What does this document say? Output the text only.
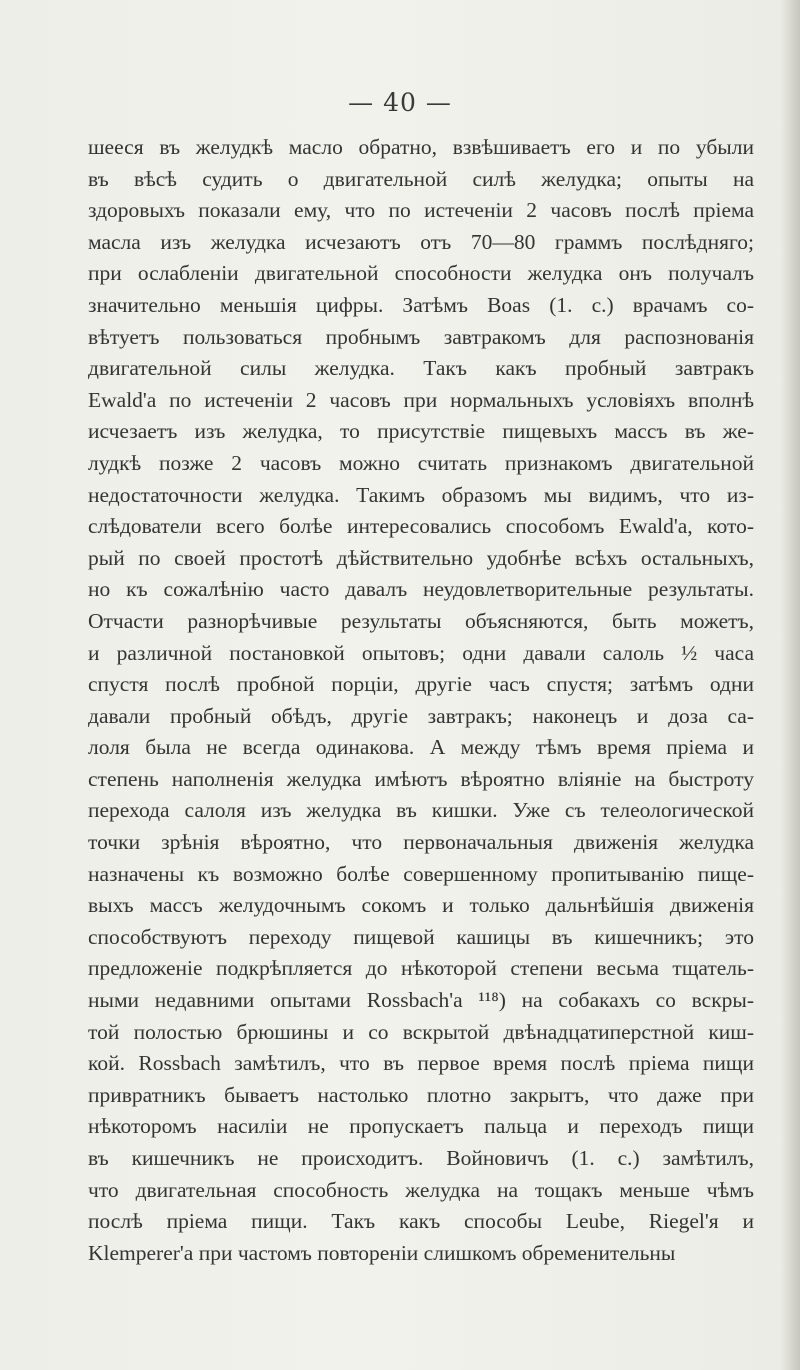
— 40 —
шееся въ желудкѣ масло обратно, взвѣшиваетъ его и по убыли
въ вѣсѣ судить о двигательной силѣ желудка; опыты на
здоровыхъ показали ему, что по истеченіи 2 часовъ послѣ пріема
масла изъ желудка исчезаютъ отъ 70—80 граммъ послѣдняго;
при ослабленіи двигательной способности желудка онъ получалъ
значительно меньшія цифры. Затѣмъ Boas (1. с.) врачамъ со-
вѣтуетъ пользоваться пробнымъ завтракомъ для распознованія
двигательной силы желудка. Такъ какъ пробный завтракъ
Ewald'a по истеченіи 2 часовъ при нормальныхъ условіяхъ вполнѣ
исчезаетъ изъ желудка, то присутствіе пищевыхъ массъ въ же-
лудкѣ позже 2 часовъ можно считать признакомъ двигательной
недостаточности желудка. Такимъ образомъ мы видимъ, что из-
слѣдователи всего болѣе интересовались способомъ Ewald'a, кото-
рый по своей простотѣ дѣйствительно удобнѣе всѣхъ остальныхъ,
но къ сожалѣнію часто давалъ неудовлетворительные результаты.
Отчасти разнорѣчивые результаты объясняются, быть можетъ,
и различной постановкой опытовъ; одни давали салоль ½ часа
спустя послѣ пробной порціи, другіе часъ спустя; затѣмъ одни
давали пробный обѣдъ, другіе завтракъ; наконецъ и доза са-
лоля была не всегда одинакова. А между тѣмъ время пріема и
степень наполненія желудка имѣютъ вѣроятно вліяніе на быстроту
перехода салоля изъ желудка въ кишки. Уже съ телеологической
точки зрѣнія вѣроятно, что первоначальныя движенія желудка
назначены къ возможно болѣе совершенному пропитыванію пище-
выхъ массъ желудочнымъ сокомъ и только дальнѣйшія движенія
способствуютъ переходу пищевой кашицы въ кишечникъ; это
предложеніе подкрѣпляется до нѣкоторой степени весьма тщатель-
ными недавними опытами Rossbach'a ¹¹⁸) на собакахъ со вскры-
той полостью брюшины и со вскрытой двѣнадцатиперстной киш-
кой. Rossbach замѣтилъ, что въ первое время послѣ пріема пищи
привратникъ бываетъ настолько плотно закрытъ, что даже при
нѣкоторомъ насиліи не пропускаетъ пальца и переходъ пищи
въ кишечникъ не происходитъ. Войновичъ (1. с.) замѣтилъ,
что двигательная способность желудка на тощакъ меньше чѣмъ
послѣ пріема пищи. Такъ какъ способы Leube, Riegel'я и
Klemperer'a при частомъ повтореніи слишкомъ обременительны
